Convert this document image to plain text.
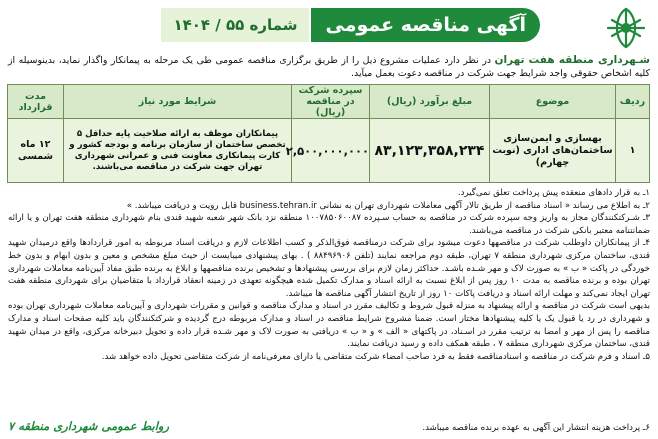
آگهی مناقصه عمومی
شماره ۵۵ / ۱۴۰۴

شـهرداری منطقه هفت تهران در نظر دارد عملیات مشروع ذیل را از طریق برگزاری مناقصه عمومی طی یک مرحله به پیمانکار واگذار نماید، بدینوسیله از کلیه اشخاص حقوقی واجد شرایط جهت شرکت در مناقصه دعوت بعمل میآید.

ردیف	موضوع	مبلغ برآورد (ریال)	سپرده شرکت در مناقصه (ریال)	شرایط مورد نیاز	مدت قرارداد
۱	بهسازی و ایمن‌سازی ساختمان‌های اداری (نوبت چهارم)	۸۳,۱۲۳,۳۵۸,۲۳۴	۲,۵۰۰,۰۰۰,۰۰۰	پیمانکاران موظف به ارائه صلاحیت پایه حداقل ۵ تخصص ساختمان از سازمان برنامه و بودجه کشور و کارت پیمانکاری معاونت فنی و عمرانی شهرداری تهران جهت شرکت در مناقصه می‌باشند.	۱۲ ماه شمسی

۱ـ به قرار دادهای منعقده پیش پرداخت تعلق نمی‌گیرد.

۲ـ به اطلاع می رساند « اسناد مناقصه از طریق تالار آگهی معاملات شهرداری تهران به نشانی business.tehran.ir قابل رویت و دریافت میباشد. »

۳ـ شـرکتکنندگان مجاز به واریز وجه سپرده شرکت در مناقصه به حساب سـپرده ۱۰۰۷۸۵۰۶۰۰۸۷ منطقه نزد بانک شهر شعبه شهید قندی بنام شهرداری منطقه هفت تهران و یا ارائه ضمانتنامه معتبر بانکی شرکت در مناقصه می‌باشند.

۴ـ از پیمانکاران داوطلب شرکت در مناقصهها دعوت میشود برای شرکت درمناقصه فوق‌الذکر و کسب اطلاعات لازم و دریافت اسناد مربوطه به امور قراردادها واقع درمیدان شهید قندی، ساختمان مرکزی شهرداری منطقه ۷ تهران، طبقه دوم مراجعه نمایند (تلفن ۸۸۴۹۶۹۰۶ ) . بهای پیشنهادی میبایست از حیث مبلغ مشخص و معین و بدون ابهام و بدون خط خوردگی در پاکت « ب » به صورت لاک و مهر شـده باشـد. حداکثر زمان لازم برای بررسی پیشنهادها و تشخیص برنده مناقصهها و ابلاغ به برنده طبق مفاد آیین‌نامه معاملات شهرداری تهران بوده و برنده مناقصه به مدت ۱۰ روز پس از ابلاغ نسبت به ارائه اسناد و مدارک تکمیل شده هیچگونه تعهدی در زمینه انعقاد قرارداد با متقاضیان برای شهرداری منطقه هفت تهران ایجاد نمی‌کند و مهلت ارائه اسناد و دریافت پاکات ۱۰ روز از تاریخ انتشار آگهی مناقصه ها میباشد.

بدیهی است شرکت در مناقصه و ارائه پیشنهاد به منزله قبول شروط و تکالیف مقرر در اسناد و مدارک مناقصه و قوانین و مقررات شهرداری و آیین‌نامه معاملات شهرداری تهران بوده و شهرداری در رد یا قبول یک یا کلیه پیشنهادها مختار است. ضمنا مشروح شرایط مناقصه در اسناد و مدارک مربوطه درج گردیده و شرکتکنندگان باید کلیه صفحات اسناد و مدارک مناقصه را پس از مهر و امضا به ترتیب مقرر در اسـناد، در پاکتهای « الف » و « ب » دریافتی به صورت لاک و مهر شـده قرار داده و تحویل دبیرخانه مرکزی، واقع در میدان شهید قندی، ساختمان مرکزی شهرداری منطقه ۷ ، طبقه همکف داده و رسید دریافت نمایند.

۵ـ اسناد و فرم شرکت در مناقصه و اسنادمناقصه فقط به فرد صاحب امضاء شرکت متقاضی یا دارای معرفی‌نامه از شرکت متقاضی تحویل داده خواهد شد.

۶ـ پرداخت هزینه انتشار این آگهی به عهده برنده مناقصه میباشد.
روابط عمومی شهرداری منطقه ۷
